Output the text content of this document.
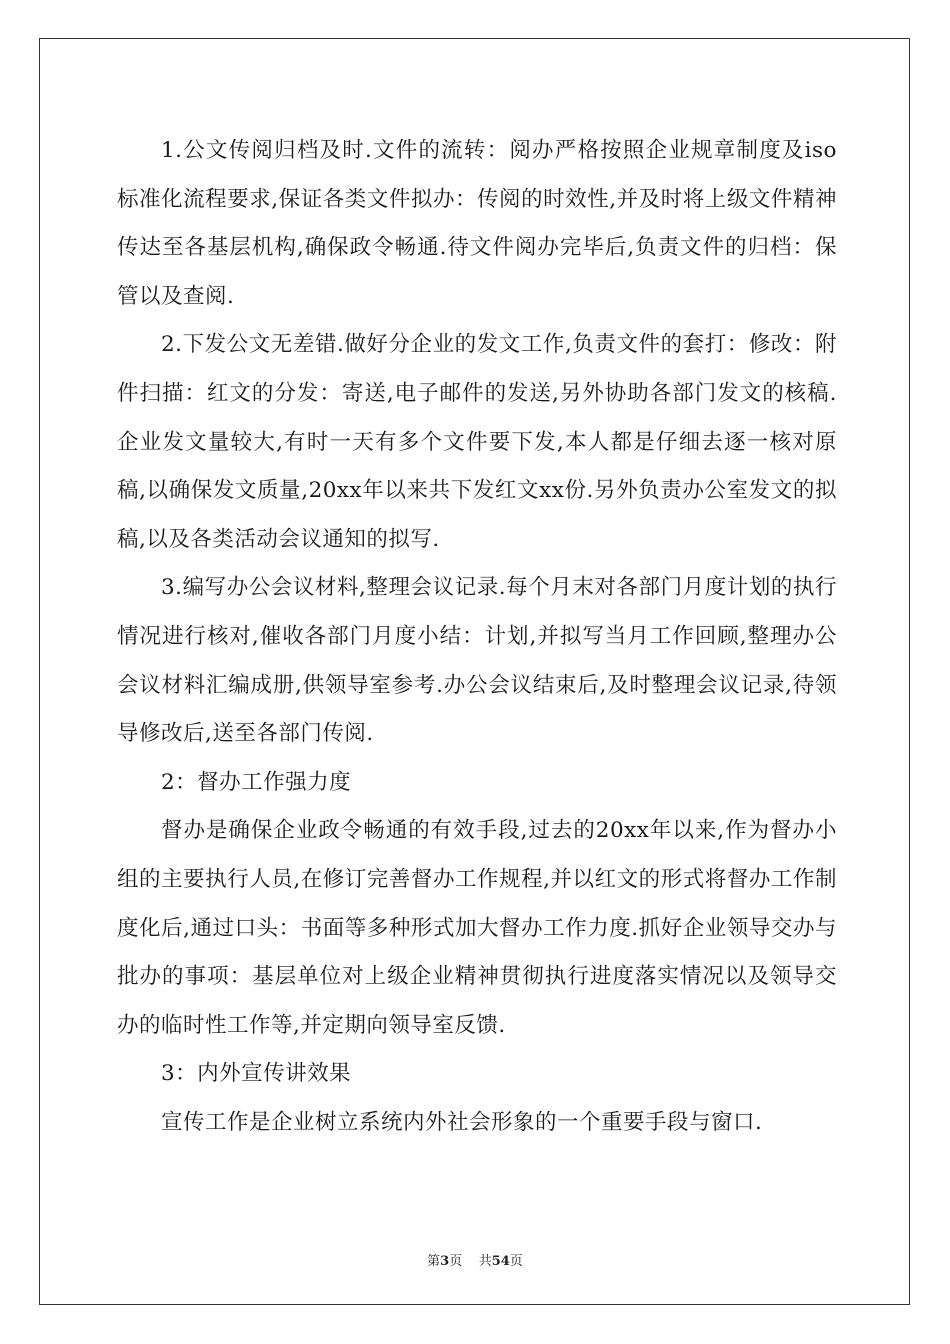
1.公文传阅归档及时.文件的流转：阅办严格按照企业规章制度及iso标准化流程要求,保证各类文件拟办：传阅的时效性,并及时将上级文件精神传达至各基层机构,确保政令畅通.待文件阅办完毕后,负责文件的归档：保管以及查阅.

2.下发公文无差错.做好分企业的发文工作,负责文件的套打：修改：附件扫描：红文的分发：寄送,电子邮件的发送,另外协助各部门发文的核稿.企业发文量较大,有时一天有多个文件要下发,本人都是仔细去逐一核对原稿,以确保发文质量,20xx年以来共下发红文xx份.另外负责办公室发文的拟稿,以及各类活动会议通知的拟写.

3.编写办公会议材料,整理会议记录.每个月末对各部门月度计划的执行情况进行核对,催收各部门月度小结：计划,并拟写当月工作回顾,整理办公会议材料汇编成册,供领导室参考.办公会议结束后,及时整理会议记录,待领导修改后,送至各部门传阅.

2：督办工作强力度

督办是确保企业政令畅通的有效手段,过去的20xx年以来,作为督办小组的主要执行人员,在修订完善督办工作规程,并以红文的形式将督办工作制度化后,通过口头：书面等多种形式加大督办工作力度.抓好企业领导交办与批办的事项：基层单位对上级企业精神贯彻执行进度落实情况以及领导交办的临时性工作等,并定期向领导室反馈.

3：内外宣传讲效果

宣传工作是企业树立系统内外社会形象的一个重要手段与窗口.

第3页 共54页
